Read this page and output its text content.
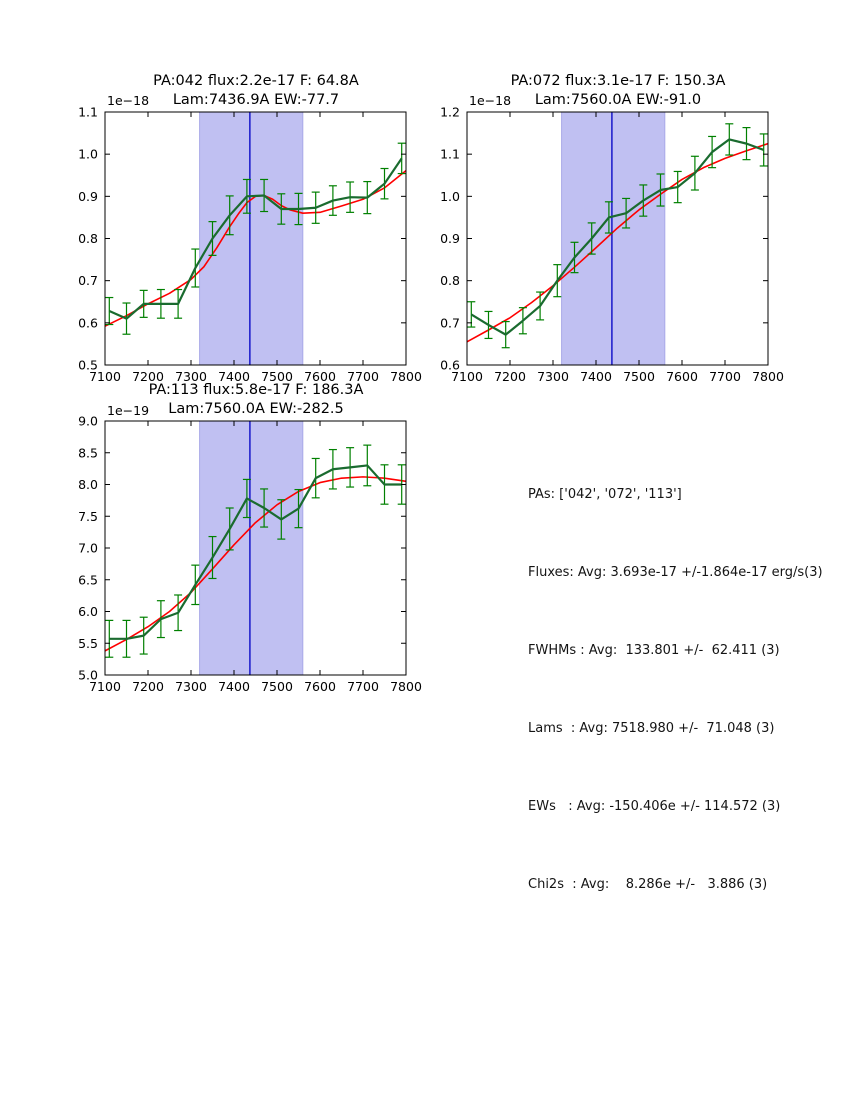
PA:042 flux:2.2e-17 F: 64.8A
Lam:7436.9A EW:-77.7
PA:072 flux:3.1e-17 F: 150.3A
Lam:7560.0A EW:-91.0
PA:113 flux:5.8e-17 F: 186.3A
Lam:7560.0A EW:-282.5
1e−18	1e−18
1e−19
7100 7200 7300 7400 7500 7600 7700 7800
0.5
0.6
0.7
0.8
0.9
1.0
1.1
7100 7200 7300 7400 7500 7600 7700 7800
0.6
0.7
0.8
0.9
1.0
1.1
1.2
7100 7200 7300 7400 7500 7600 7700 7800
5.0
5.5
6.0
6.5
7.0
7.5
8.0
8.5
9.0

PAs: ['042', '072', '113']

Fluxes: Avg: 3.693e-17 +/-1.864e-17 erg/s(3)

FWHMs : Avg:  133.801 +/-  62.411 (3)

Lams  : Avg: 7518.980 +/-  71.048 (3)

EWs   : Avg: -150.406e +/- 114.572 (3)

Chi2s  : Avg:    8.286e +/-   3.886 (3)
